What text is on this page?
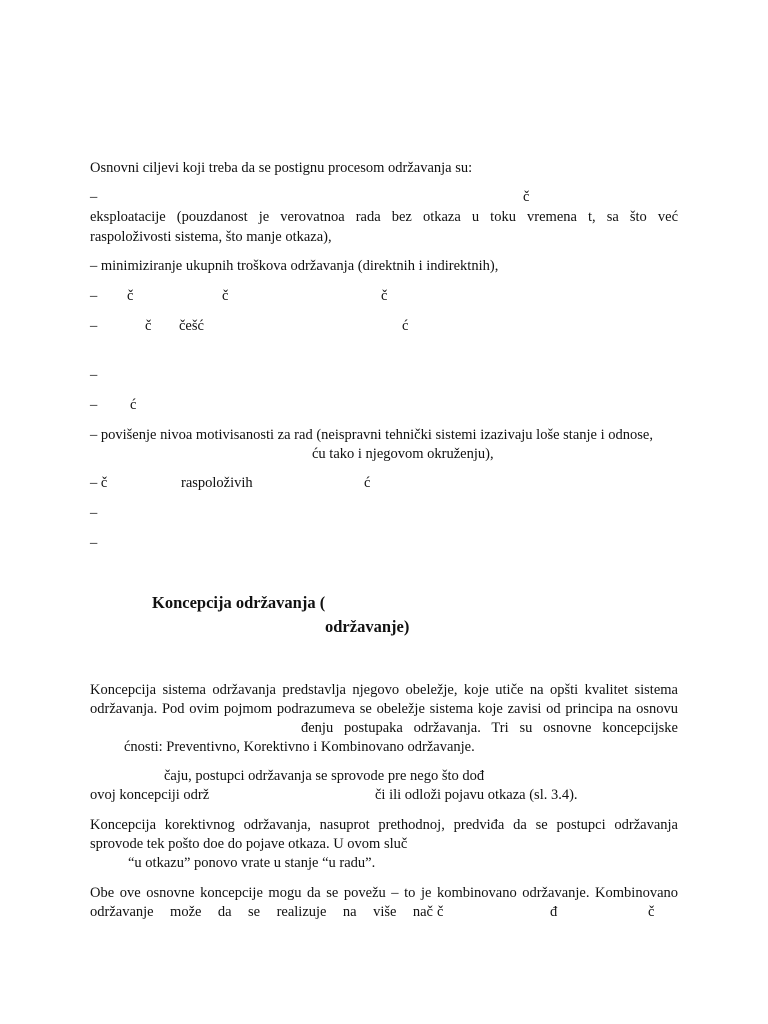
Osnovni ciljevi koji treba da se postignu procesom održavanja su:
–	č
eksploatacije (pouzdanost je verovatnoa rada bez otkaza u toku vremena t, sa što već
raspoloživosti sistema, što manje otkaza),
– minimiziranje ukupnih troškova održavanja (direktnih i indirektnih),
– č	č	č
–	č češć	ć
–
– ć
– povišenje nivoa motivisanosti za rad (neispravni tehnički sistemi izazivaju loše stanje i odnose,
ću tako i njegovom okruženju),
– č	raspoloživih	ć
–
–
Koncepcija održavanja (
održavanje)
Koncepcija sistema održavanja predstavlja njegovo obeležje, koje utiče na opšti kvalitet sistema
održavanja. Pod ovim pojmom podrazumeva se obeležje sistema koje zavisi od principa na osnovu
đenju postupaka održavanja. Tri su osnovne koncepcijske
ćnosti: Preventivno, Korektivno i Kombinovano održavanje.
čaju, postupci održavanja se sprovode pre nego što dođ
ovoj koncepciji održ	či ili odloži pojavu otkaza (sl. 3.4).
Koncepcija korektivnog održavanja, nasuprot prethodnoj, predviđa da se postupci održavanja
sprovode tek pošto doe do pojave otkaza. U ovom sluč
“u otkazu” ponovo vrate u stanje “u radu”.
Obe ove osnovne koncepcije mogu da se povežu – to je kombinovano održavanje. Kombinovano
održavanje može da se realizuje na više nač č	đ	č
